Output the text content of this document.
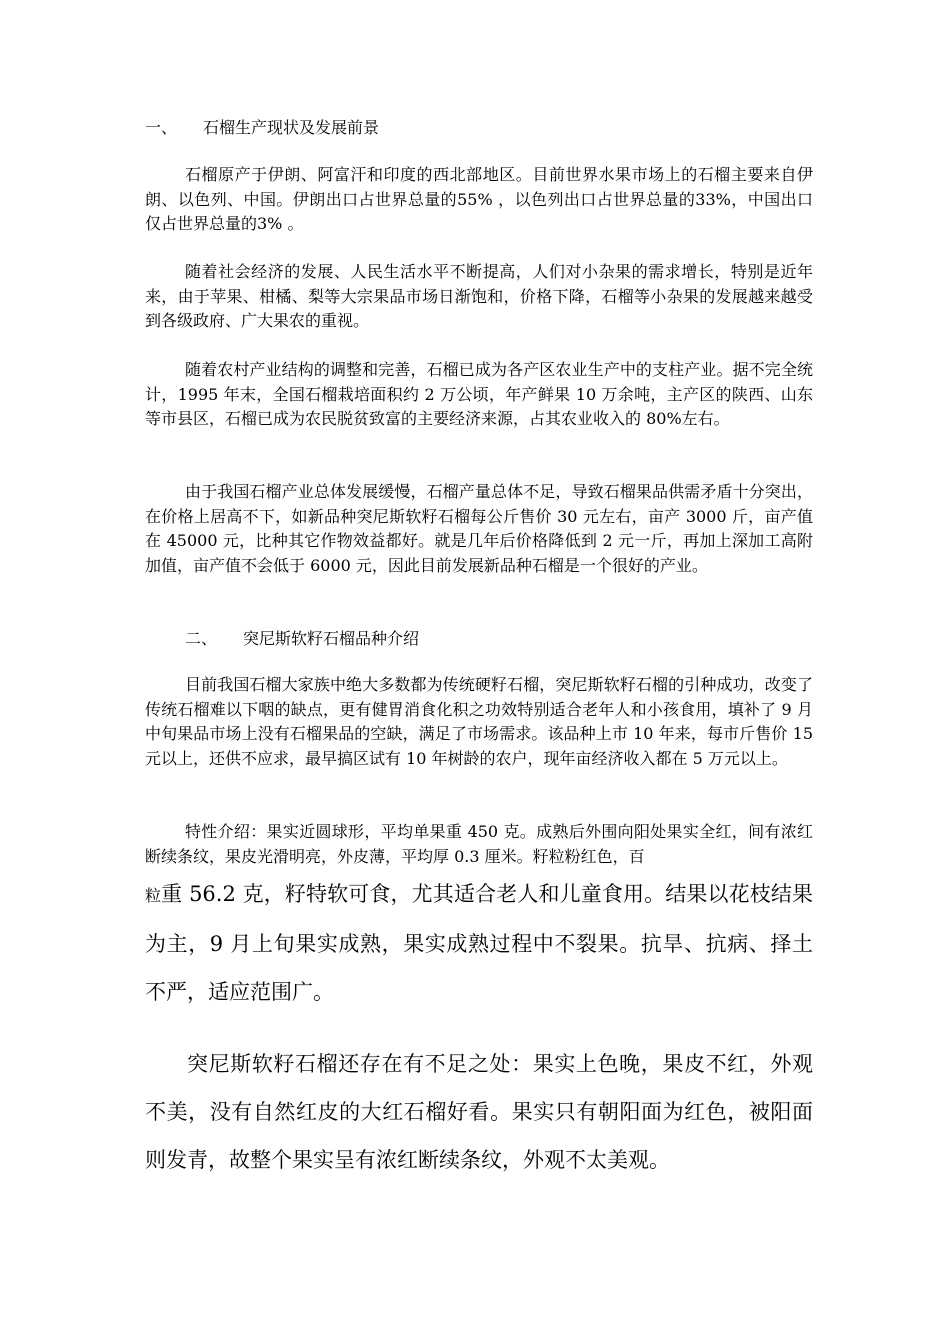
一、 石榴生产现状及发展前景

石榴原产于伊朗、阿富汗和印度的西北部地区。目前世界水果市场上的石榴主要来自伊朗、以色列、中国。伊朗出口占世界总量的55% ，以色列出口占世界总量的33%，中国出口仅占世界总量的3% 。

随着社会经济的发展、人民生活水平不断提高，人们对小杂果的需求增长，特别是近年来，由于苹果、柑橘、梨等大宗果品市场日渐饱和，价格下降，石榴等小杂果的发展越来越受到各级政府、广大果农的重视。

随着农村产业结构的调整和完善，石榴已成为各产区农业生产中的支柱产业。据不完全统计，1995 年末，全国石榴栽培面积约 2 万公顷，年产鲜果 10 万余吨，主产区的陕西、山东等市县区，石榴已成为农民脱贫致富的主要经济来源，占其农业收入的 80%左右。

由于我国石榴产业总体发展缓慢，石榴产量总体不足，导致石榴果品供需矛盾十分突出，在价格上居高不下，如新品种突尼斯软籽石榴每公斤售价 30 元左右，亩产 3000 斤，亩产值在 45000 元，比种其它作物效益都好。就是几年后价格降低到 2 元一斤，再加上深加工高附加值，亩产值不会低于 6000 元，因此目前发展新品种石榴是一个很好的产业。

二、 突尼斯软籽石榴品种介绍

目前我国石榴大家族中绝大多数都为传统硬籽石榴，突尼斯软籽石榴的引种成功，改变了传统石榴难以下咽的缺点，更有健胃消食化积之功效特别适合老年人和小孩食用，填补了 9 月中旬果品市场上没有石榴果品的空缺，满足了市场需求。该品种上市 10 年来，每市斤售价 15 元以上，还供不应求，最早搞区试有 10 年树龄的农户，现年亩经济收入都在 5 万元以上。

特性介绍：果实近圆球形，平均单果重 450 克。成熟后外围向阳处果实全红，间有浓红断续条纹，果皮光滑明亮，外皮薄，平均厚 0.3 厘米。籽粒粉红色，百

粒重 56.2 克，籽特软可食，尤其适合老人和儿童食用。结果以花枝结果为主，9 月上旬果实成熟，果实成熟过程中不裂果。抗旱、抗病、择土不严，适应范围广。

突尼斯软籽石榴还存在有不足之处：果实上色晚，果皮不红，外观不美，没有自然红皮的大红石榴好看。果实只有朝阳面为红色，被阳面则发青，故整个果实呈有浓红断续条纹，外观不太美观。
